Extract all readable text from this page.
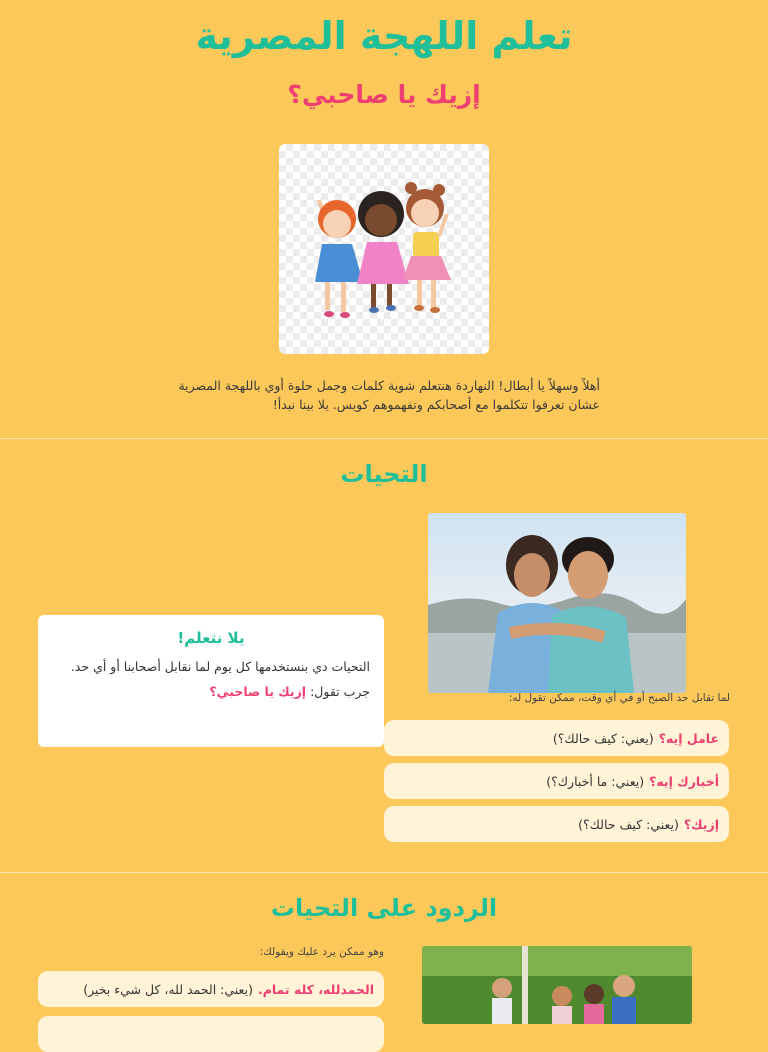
تعلم اللهجة المصرية
إزيك يا صاحبي؟

أهلاً وسهلاً يا أبطال! النهاردة هنتعلم شوية كلمات وجمل حلوة أوي باللهجة المصرية عشان تعرفوا تتكلموا مع أصحابكم وتفهموهم كويس. يلا بينا نبدأ!

التحيات
يلا نتعلم!
التحيات دي بنستخدمها كل يوم لما نقابل أصحابنا أو أي حد.
جرب تقول: إزيك يا صاحبي؟	لما تقابل حد الصبح أو في أي وقت، ممكن تقول له:
عامل إيه؟
(يعني: كيف حالك؟)
أخبارك إيه؟
(يعني: ما أخبارك؟)
إزيك؟
(يعني: كيف حالك؟)
الردود على التحيات
وهو ممكن يرد عليك ويقولك:
الحمدلله، كله تمام.
(يعني: الحمد لله، كل شيء بخير)
